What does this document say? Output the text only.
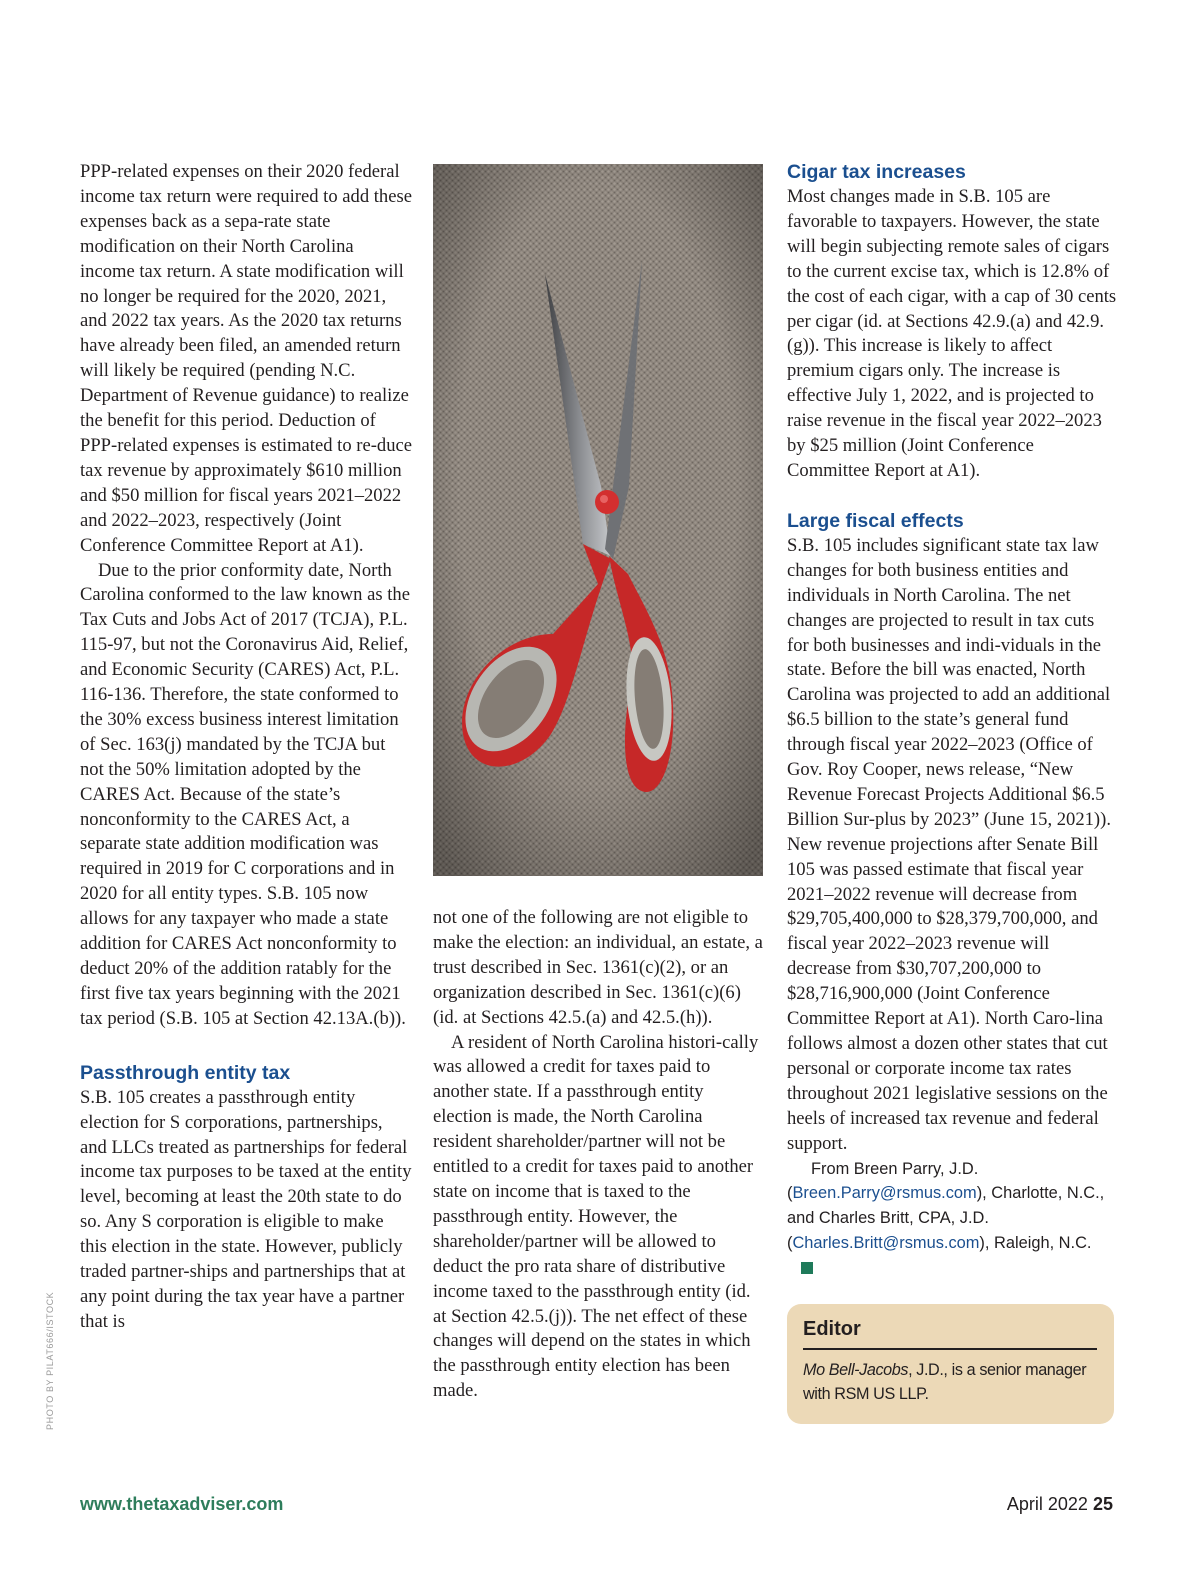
PPP-related expenses on their 2020 federal income tax return were required to add these expenses back as a sepa-rate state modification on their North Carolina income tax return. A state modification will no longer be required for the 2020, 2021, and 2022 tax years. As the 2020 tax returns have already been filed, an amended return will likely be required (pending N.C. Department of Revenue guidance) to realize the benefit for this period. Deduction of PPP-related expenses is estimated to re-duce tax revenue by approximately $610 million and $50 million for fiscal years 2021–2022 and 2022–2023, respectively (Joint Conference Committee Report at A1).

Due to the prior conformity date, North Carolina conformed to the law known as the Tax Cuts and Jobs Act of 2017 (TCJA), P.L. 115-97, but not the Coronavirus Aid, Relief, and Economic Security (CARES) Act, P.L. 116-136. Therefore, the state conformed to the 30% excess business interest limitation of Sec. 163(j) mandated by the TCJA but not the 50% limitation adopted by the CARES Act. Because of the state’s nonconformity to the CARES Act, a separate state addition modification was required in 2019 for C corporations and in 2020 for all entity types. S.B. 105 now allows for any taxpayer who made a state addition for CARES Act nonconformity to deduct 20% of the addition ratably for the first five tax years beginning with the 2021 tax period (S.B. 105 at Section 42.13A.(b)).

Passthrough entity tax

S.B. 105 creates a passthrough entity election for S corporations, partnerships, and LLCs treated as partnerships for federal income tax purposes to be taxed at the entity level, becoming at least the 20th state to do so. Any S corporation is eligible to make this election in the state. However, publicly traded partner-ships and partnerships that at any point during the tax year have a partner that is

not one of the following are not eligible to make the election: an individual, an estate, a trust described in Sec. 1361(c)(2), or an organization described in Sec. 1361(c)(6) (id. at Sections 42.5.(a) and 42.5.(h)).

A resident of North Carolina histori-cally was allowed a credit for taxes paid to another state. If a passthrough entity election is made, the North Carolina resident shareholder/partner will not be entitled to a credit for taxes paid to another state on income that is taxed to the passthrough entity. However, the shareholder/partner will be allowed to deduct the pro rata share of distributive income taxed to the passthrough entity (id. at Section 42.5.(j)). The net effect of these changes will depend on the states in which the passthrough entity election has been made.

Cigar tax increases

Most changes made in S.B. 105 are favorable to taxpayers. However, the state will begin subjecting remote sales of cigars to the current excise tax, which is 12.8% of the cost of each cigar, with a cap of 30 cents per cigar (id. at Sections 42.9.(a) and 42.9.(g)). This increase is likely to affect premium cigars only. The increase is effective July 1, 2022, and is projected to raise revenue in the fiscal year 2022–2023 by $25 million (Joint Conference Committee Report at A1).

Large fiscal effects

S.B. 105 includes significant state tax law changes for both business entities and individuals in North Carolina. The net changes are projected to result in tax cuts for both businesses and indi-viduals in the state. Before the bill was enacted, North Carolina was projected to add an additional $6.5 billion to the state’s general fund through fiscal year 2022–2023 (Office of Gov. Roy Cooper, news release, “New Revenue Forecast Projects Additional $6.5 Billion Sur-plus by 2023” (June 15, 2021)). New revenue projections after Senate Bill 105 was passed estimate that fiscal year 2021–2022 revenue will decrease from $29,705,400,000 to $28,379,700,000, and fiscal year 2022–2023 revenue will decrease from $30,707,200,000 to $28,716,900,000 (Joint Conference Committee Report at A1). North Caro-lina follows almost a dozen other states that cut personal or corporate income tax rates throughout 2021 legislative sessions on the heels of increased tax revenue and federal support.

From Breen Parry, J.D. (Breen.Parry@rsmus.com), Charlotte, N.C., and Charles Britt, CPA, J.D. (Charles.Britt@rsmus.com), Raleigh, N.C.

Editor

Mo Bell-Jacobs, J.D., is a senior manager with RSM US LLP.

PHOTO BY PILAT666/ISTOCK
www.thetaxadviser.com	April 2022 25
